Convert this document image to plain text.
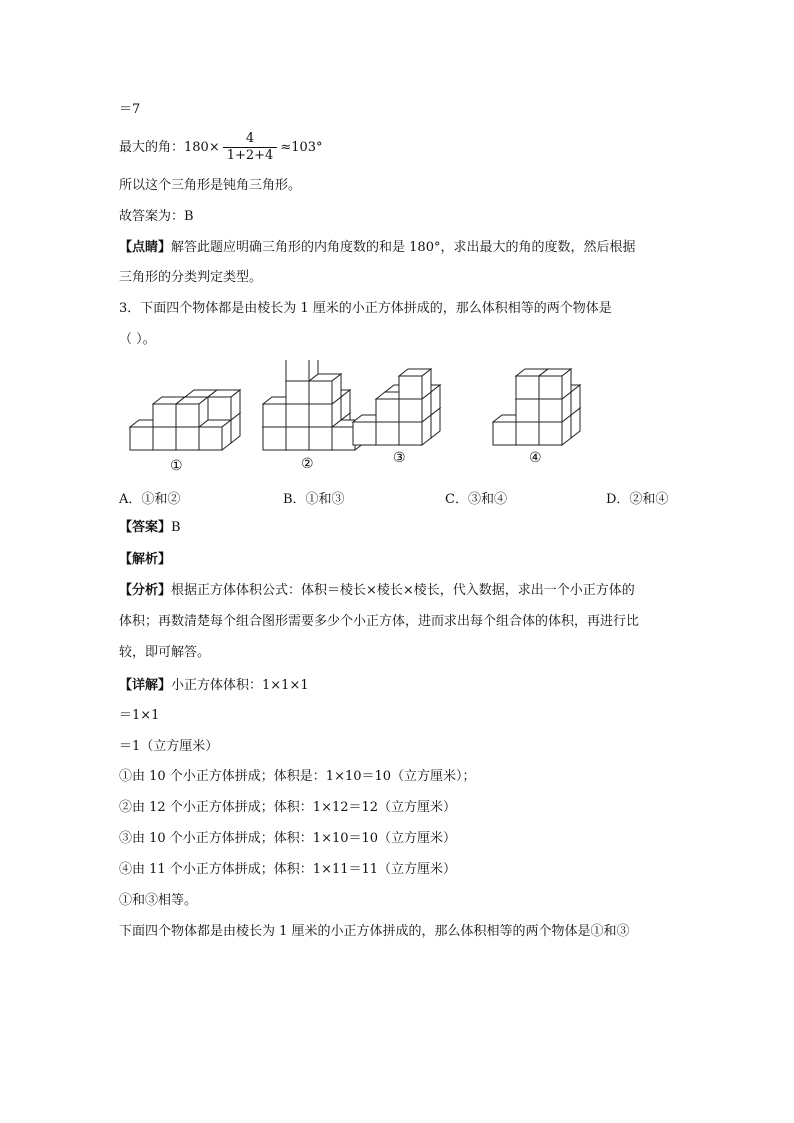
＝7
最大的角：$180\times \frac{4}{1+2+4} \approx 103^\circ$
所以这个三角形是钝角三角形。
故答案为：B
【点睛】解答此题应明确三角形的内角度数的和是 180°，求出最大的角的度数，然后根据
三角形的分类判定类型。
3．下面四个物体都是由棱长为 1 厘米的小正方体拼成的，那么体积相等的两个物体是
（ ）。
①	②	③	④
A．①和②	B．①和③	C．③和④	D．②和④
【答案】B
【解析】
【分析】根据正方体体积公式：体积＝棱长×棱长×棱长，代入数据，求出一个小正方体的
体积；再数清楚每个组合图形需要多少个小正方体，进而求出每个组合体的体积，再进行比
较，即可解答。
【详解】小正方体体积：1×1×1
＝1×1
＝1（立方厘米）
①由 10 个小正方体拼成；体积是：1×10＝10（立方厘米）；
②由 12 个小正方体拼成；体积：1×12＝12（立方厘米）
③由 10 个小正方体拼成；体积：1×10＝10（立方厘米）
④由 11 个小正方体拼成；体积：1×11＝11（立方厘米）
①和③相等。
下面四个物体都是由棱长为 1 厘米的小正方体拼成的，那么体积相等的两个物体是①和③
